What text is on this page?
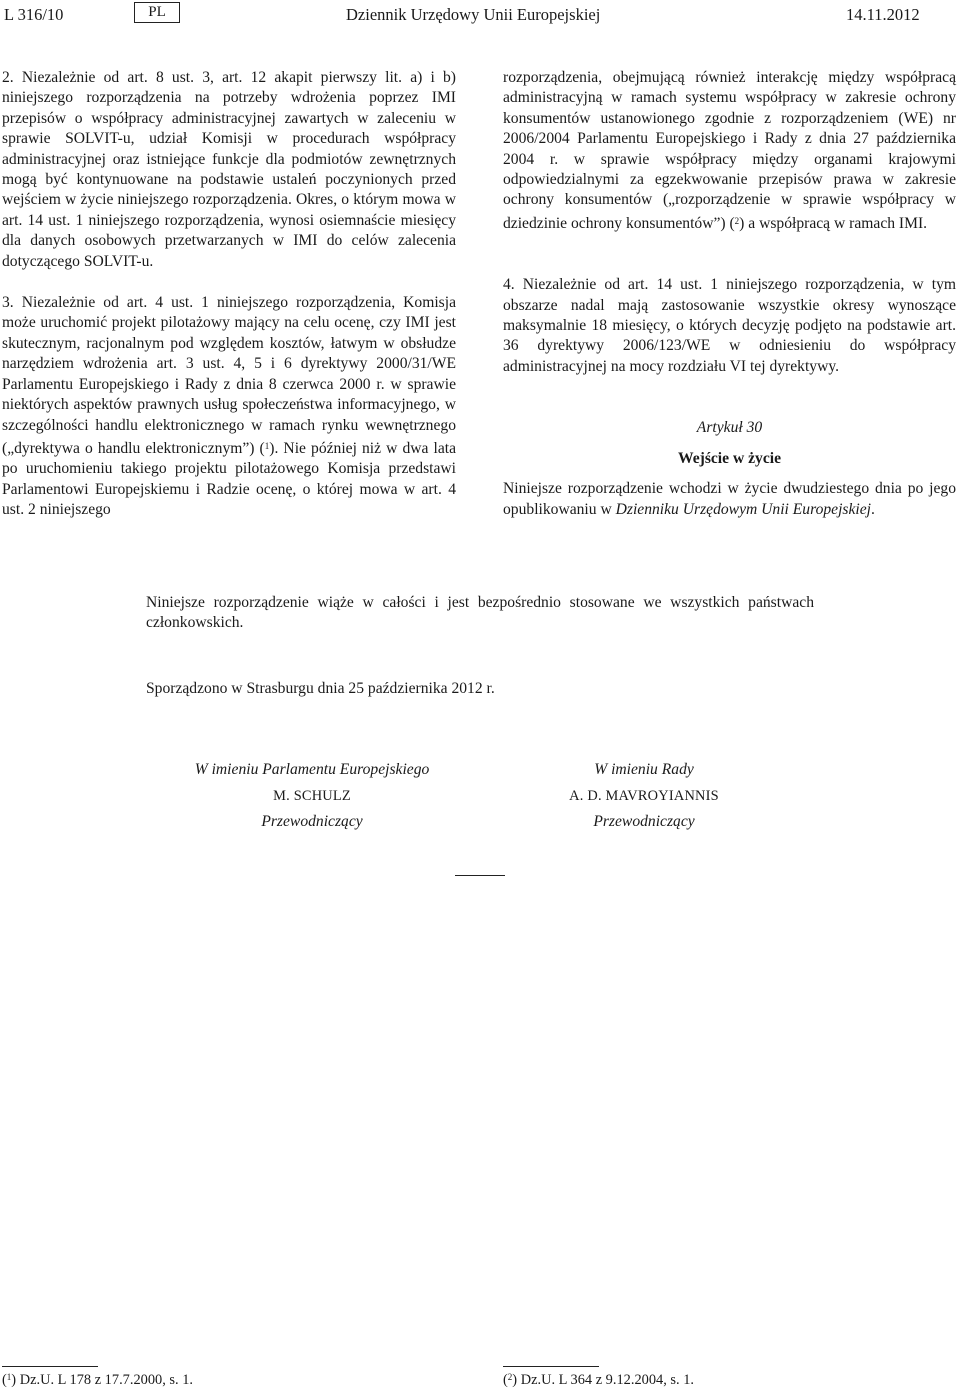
L 316/10	PL	Dziennik Urzędowy Unii Europejskiej	14.11.2012

2. Niezależnie od art. 8 ust. 3, art. 12 akapit pierwszy lit. a) i b) niniejszego rozporządzenia na potrzeby wdrożenia poprzez IMI przepisów o współpracy administracyjnej zawartych w zaleceniu w sprawie SOLVIT-u, udział Komisji w procedurach współpracy administracyjnej oraz istniejące funkcje dla podmiotów zewnętrznych mogą być kontynuowane na podstawie ustaleń poczynionych przed wejściem w życie niniejszego rozporządzenia. Okres, o którym mowa w art. 14 ust. 1 niniejszego rozporządzenia, wynosi osiemnaście miesięcy dla danych osobowych przetwarzanych w IMI do celów zalecenia dotyczącego SOLVIT-u.

3. Niezależnie od art. 4 ust. 1 niniejszego rozporządzenia, Komisja może uruchomić projekt pilotażowy mający na celu ocenę, czy IMI jest skutecznym, racjonalnym pod względem kosztów, łatwym w obsłudze narzędziem wdrożenia art. 3 ust. 4, 5 i 6 dyrektywy 2000/31/WE Parlamentu Europejskiego i Rady z dnia 8 czerwca 2000 r. w sprawie niektórych aspektów prawnych usług społeczeństwa informacyjnego, w szczególności handlu elektronicznego w ramach rynku wewnętrznego („dyrektywa o handlu elektronicznym”) ($^1$). Nie później niż w dwa lata po uruchomieniu takiego projektu pilotażowego Komisja przedstawi Parlamentowi Europejskiemu i Radzie ocenę, o której mowa w art. 4 ust. 2 niniejszego

rozporządzenia, obejmującą również interakcję między współpracą administracyjną w ramach systemu współpracy w zakresie ochrony konsumentów ustanowionego zgodnie z rozporządzeniem (WE) nr 2006/2004 Parlamentu Europejskiego i Rady z dnia 27 października 2004 r. w sprawie współpracy między organami krajowymi odpowiedzialnymi za egzekwowanie przepisów prawa w zakresie ochrony konsumentów („rozporządzenie w sprawie współpracy w dziedzinie ochrony konsumentów”) ($^2$) a współpracą w ramach IMI.

4. Niezależnie od art. 14 ust. 1 niniejszego rozporządzenia, w tym obszarze nadal mają zastosowanie wszystkie okresy wynoszące maksymalnie 18 miesięcy, o których decyzję podjęto na podstawie art. 36 dyrektywy 2006/123/WE w odniesieniu do współpracy administracyjnej na mocy rozdziału VI tej dyrektywy.

Artykuł 30

Wejście w życie

Niniejsze rozporządzenie wchodzi w życie dwudziestego dnia po jego opublikowaniu w Dzienniku Urzędowym Unii Europejskiej.

Niniejsze rozporządzenie wiąże w całości i jest bezpośrednio stosowane we wszystkich państwach członkowskich.
Sporządzono w Strasburgu dnia 25 października 2012 r.
W imieniu Parlamentu Europejskiego
M. SCHULZ
Przewodniczący
W imieniu Rady
A. D. MAVROYIANNIS
Przewodniczący
($^1$) Dz.U. L 178 z 17.7.2000, s. 1.	($^2$) Dz.U. L 364 z 9.12.2004, s. 1.
